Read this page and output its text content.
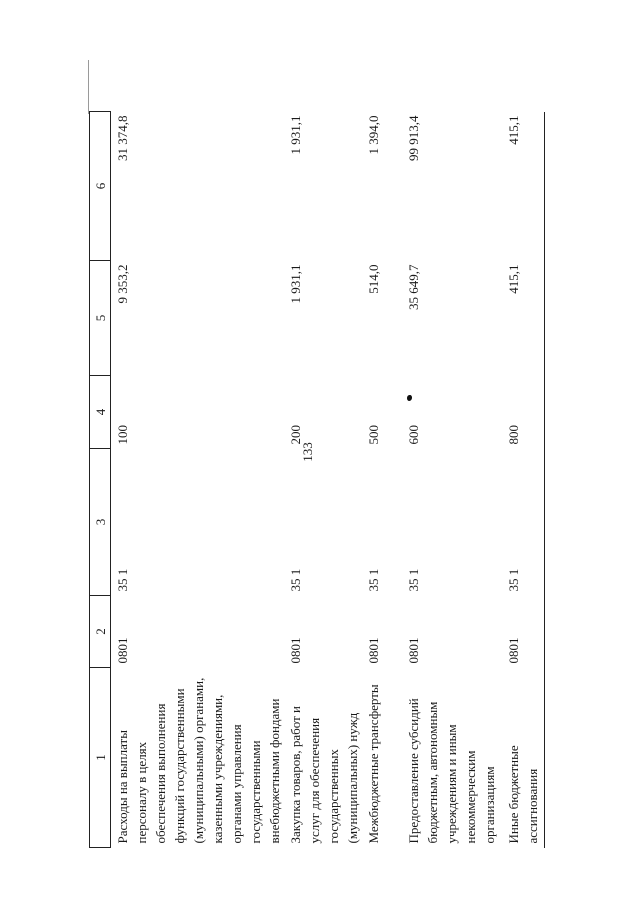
133
1	2	3	4	5	6
Расходы на выплаты персоналу в целях обеспечения выполнения функций государственными (муниципальными) органами, казенными учреждениями, органами управления государственными внебюджетными фондами	0801	35 1	100	9 353,2	31 374,8
Закупка товаров, работ и услуг для обеспечения государственных (муниципальных) нужд	0801	35 1	200	1 931,1	1 931,1
Межбюджетные трансферты	0801	35 1	500	514,0	1 394,0
Предоставление субсидий бюджетным, автономным учреждениям и иным некоммерческим организациям	0801	35 1	600	35 649,7	99 913,4
Иные бюджетные ассигнования	0801	35 1	800	415,1	415,1
